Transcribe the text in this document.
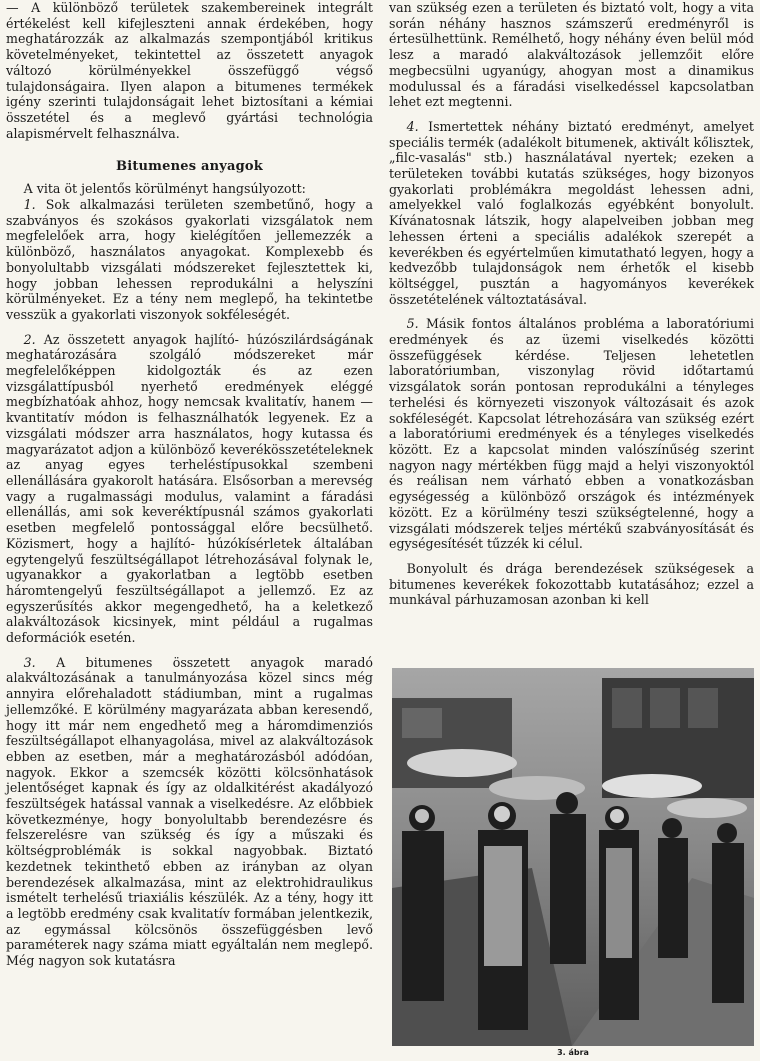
— A különböző területek szakembereinek integrált értékelést kell kifejleszteni annak érdekében, hogy meghatározzák az alkalmazás szempontjából kritikus követelményeket, tekintettel az összetett anyagok változó körülményekkel összefüggő végső tulajdonságaira. Ilyen alapon a bitumenes termékek igény szerinti tulajdonságait lehet biztosítani a kémiai összetétel és a meglevő gyártási technológia alapismérvelt felhasználva.

Bitumenes anyagok

A vita öt jelentős körülményt hangsúlyozott:

1. Sok alkalmazási területen szembetűnő, hogy a szabványos és szokásos gyakorlati vizsgálatok nem megfelelőek arra, hogy kielégítően jellemezzék a különböző, használatos anyagokat. Komplexebb és bonyolultabb vizsgálati módszereket fejlesztettek ki, hogy jobban lehessen reprodukálni a helyszíni körülményeket. Ez a tény nem meglepő, ha tekintetbe vesszük a gyakorlati viszonyok sokféleségét.

2. Az összetett anyagok hajlító- húzószilárdságának meghatározására szolgáló módszereket már megfelelőképpen kidolgozták és az ezen vizsgálattípusból nyerhető eredmények eléggé megbízhatóak ahhoz, hogy nemcsak kvalitatív, hanem — kvantitatív módon is felhasználhatók legyenek. Ez a vizsgálati módszer arra használatos, hogy kutassa és magyarázatot adjon a különböző keverékösszetételeknek az anyag egyes terheléstípusokkal szembeni ellenállására gyakorolt hatására. Elsősorban a merevség vagy a rugalmassági modulus, valamint a fáradási ellenállás, ami sok keveréktípusnál számos gyakorlati esetben megfelelő pontossággal előre becsülhető. Közismert, hogy a hajlító- húzókísérletek általában egytengelyű feszültségállapot létrehozásával folynak le, ugyanakkor a gyakorlatban a legtöbb esetben háromtengelyű feszültségállapot a jellemző. Ez az egyszerűsítés akkor megengedhető, ha a keletkező alakváltozások kicsinyek, mint például a rugalmas deformációk esetén.

3. A bitumenes összetett anyagok maradó alakváltozásának a tanulmányozása közel sincs még annyira előrehaladott stádiumban, mint a rugalmas jellemzőké. E körülmény magyarázata abban keresendő, hogy itt már nem engedhető meg a háromdimenziós feszültségállapot elhanyagolása, mivel az alakváltozások ebben az esetben, már a meghatározásból adódóan, nagyok. Ekkor a szemcsék közötti kölcsönhatások jelentőséget kapnak és így az oldalkitérést akadályozó feszültségek hatással vannak a viselkedésre. Az előbbiek következménye, hogy bonyolultabb berendezésre és felszerelésre van szükség és így a műszaki és költségproblémák is sokkal nagyobbak. Biztató kezdetnek tekinthető ebben az irányban az olyan berendezések alkalmazása, mint az elektrohidraulikus ismételt terhelésű triaxiális készülék. Az a tény, hogy itt a legtöbb eredmény csak kvalitatív formában jelentkezik, az egymással kölcsönös összefüggésben levő paraméterek nagy száma miatt egyáltalán nem meglepő. Még nagyon sok kutatásra

van szükség ezen a területen és biztató volt, hogy a vita során néhány hasznos számszerű eredményről is értesülhettünk. Remélhető, hogy néhány éven belül mód lesz a maradó alakváltozások jellemzőit előre megbecsülni ugyanúgy, ahogyan most a dinamikus modulussal és a fáradási viselkedéssel kapcsolatban lehet ezt megtenni.

4. Ismertettek néhány biztató eredményt, amelyet speciális termék (adalékolt bitumenek, aktivált kőlisztek, „filc-vasalás" stb.) használatával nyertek; ezeken a területeken további kutatás szükséges, hogy bizonyos gyakorlati problémákra megoldást lehessen adni, amelyekkel való foglalkozás egyébként bonyolult. Kívánatosnak látszik, hogy alapelveiben jobban meg lehessen érteni a speciális adalékok szerepét a keverékben és egyértelműen kimutatható legyen, hogy a kedvezőbb tulajdonságok nem érhetők el kisebb költséggel, pusztán a hagyományos keverékek összetételének változtatásával.

5. Másik fontos általános probléma a laboratóriumi eredmények és az üzemi viselkedés közötti összefüggések kérdése. Teljesen lehetetlen laboratóriumban, viszonylag rövid időtartamú vizsgálatok során pontosan reprodukálni a tényleges terhelési és környezeti viszonyok változásait és azok sokféleségét. Kapcsolat létrehozására van szükség ezért a laboratóriumi eredmények és a tényleges viselkedés között. Ez a kapcsolat minden valószínűség szerint nagyon nagy mértékben függ majd a helyi viszonyoktól és reálisan nem várható ebben a vonatkozásban egységesség a különböző országok és intézmények között. Ez a körülmény teszi szükségtelenné, hogy a vizsgálati módszerek teljes mértékű szabványosítását és egységesítését tűzzék ki célul.

Bonyolult és drága berendezések szükségesek a bitumenes keverékek fokozottabb kutatásához; ezzel a munkával párhuzamosan azonban ki kell

3. ábra
